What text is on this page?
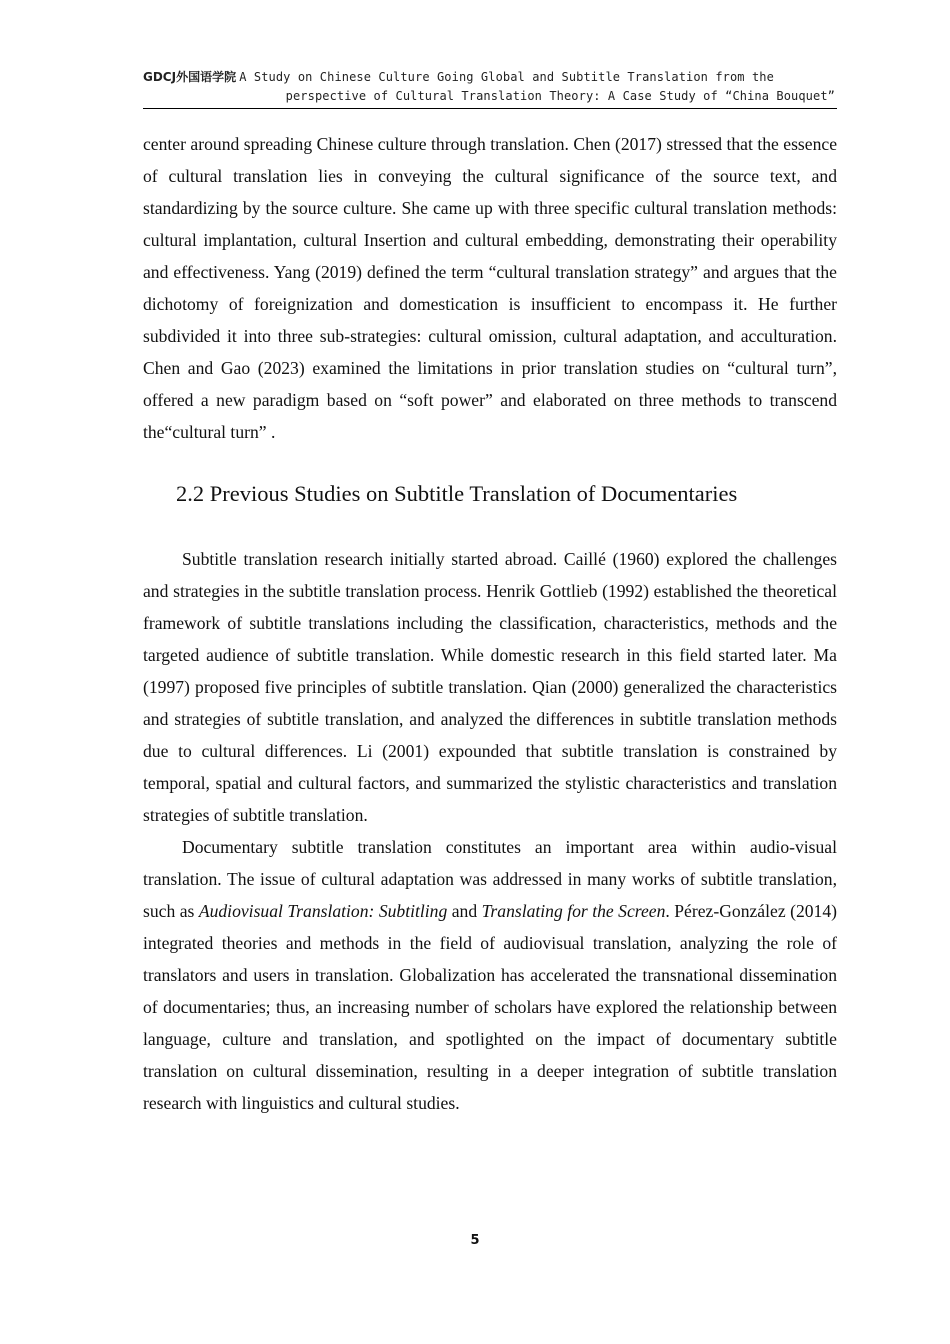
GDCJ外国语学院 A Study on Chinese Culture Going Global and Subtitle Translation from the
perspective of Cultural Translation Theory: A Case Study of “China Bouquet”

center around spreading Chinese culture through translation. Chen (2017) stressed that the essence of cultural translation lies in conveying the cultural significance of the source text, and standardizing by the source culture. She came up with three specific cultural translation methods: cultural implantation, cultural Insertion and cultural embedding, demonstrating their operability and effectiveness. Yang (2019) defined the term “cultural translation strategy” and argues that the dichotomy of foreignization and domestication is insufficient to encompass it. He further subdivided it into three sub-strategies: cultural omission, cultural adaptation, and acculturation. Chen and Gao (2023) examined the limitations in prior translation studies on “cultural turn”, offered a new paradigm based on “soft power” and elaborated on three methods to transcend the“cultural turn” .

2.2 Previous Studies on Subtitle Translation of Documentaries

Subtitle translation research initially started abroad. Caillé (1960) explored the challenges and strategies in the subtitle translation process. Henrik Gottlieb (1992) established the theoretical framework of subtitle translations including the classification, characteristics, methods and the targeted audience of subtitle translation. While domestic research in this field started later. Ma (1997) proposed five principles of subtitle translation. Qian (2000) generalized the characteristics and strategies of subtitle translation, and analyzed the differences in subtitle translation methods due to cultural differences. Li (2001) expounded that subtitle translation is constrained by temporal, spatial and cultural factors, and summarized the stylistic characteristics and translation strategies of subtitle translation.

Documentary subtitle translation constitutes an important area within audio-visual translation. The issue of cultural adaptation was addressed in many works of subtitle translation, such as Audiovisual Translation: Subtitling and Translating for the Screen. Pérez-González (2014) integrated theories and methods in the field of audiovisual translation, analyzing the role of translators and users in translation. Globalization has accelerated the transnational dissemination of documentaries; thus, an increasing number of scholars have explored the relationship between language, culture and translation, and spotlighted on the impact of documentary subtitle translation on cultural dissemination, resulting in a deeper integration of subtitle translation research with linguistics and cultural studies.

5
